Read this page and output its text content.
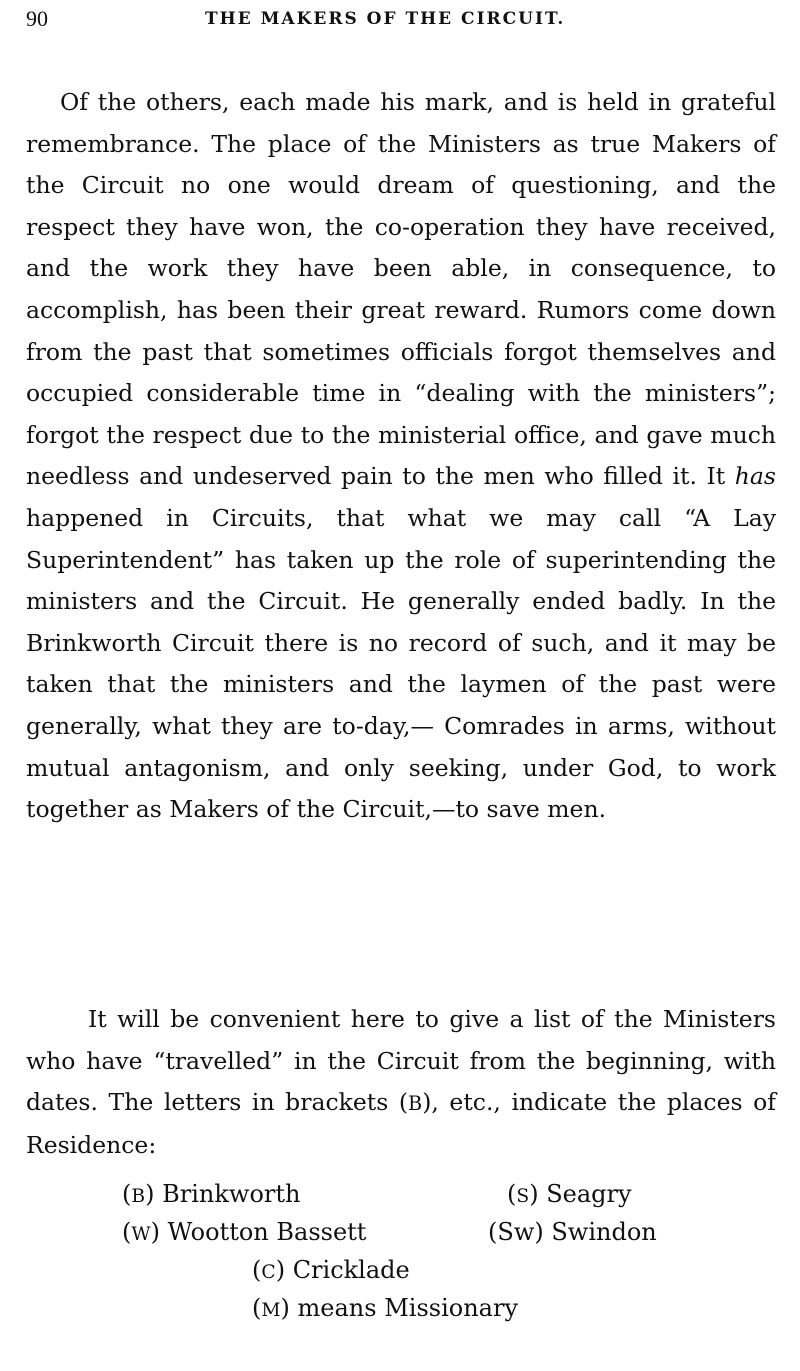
90	THE MAKERS OF THE CIRCUIT.

Of the others, each made his mark, and is held in grateful remembrance. The place of the Ministers as true Makers of the Circuit no one would dream of questioning, and the respect they have won, the co-operation they have received, and the work they have been able, in consequence, to accomplish, has been their great reward. Rumors come down from the past that sometimes officials forgot themselves and occupied considerable time in “dealing with the ministers”; forgot the respect due to the ministerial office, and gave much needless and undeserved pain to the men who filled it. It has happened in Circuits, that what we may call “A Lay Superintendent” has taken up the role of superintending the ministers and the Circuit. He generally ended badly. In the Brinkworth Circuit there is no record of such, and it may be taken that the ministers and the laymen of the past were generally, what they are to-day,— Comrades in arms, without mutual antagonism, and only seeking, under God, to work together as Makers of the Circuit,—to save men.

It will be convenient here to give a list of the Ministers who have “travelled” in the Circuit from the beginning, with dates. The letters in brackets (B), etc., indicate the places of Residence:

(B) Brinkworth	(S) Seagry
(W) Wootton Bassett	(Sw) Swindon
(C) Cricklade
(M) means Missionary
